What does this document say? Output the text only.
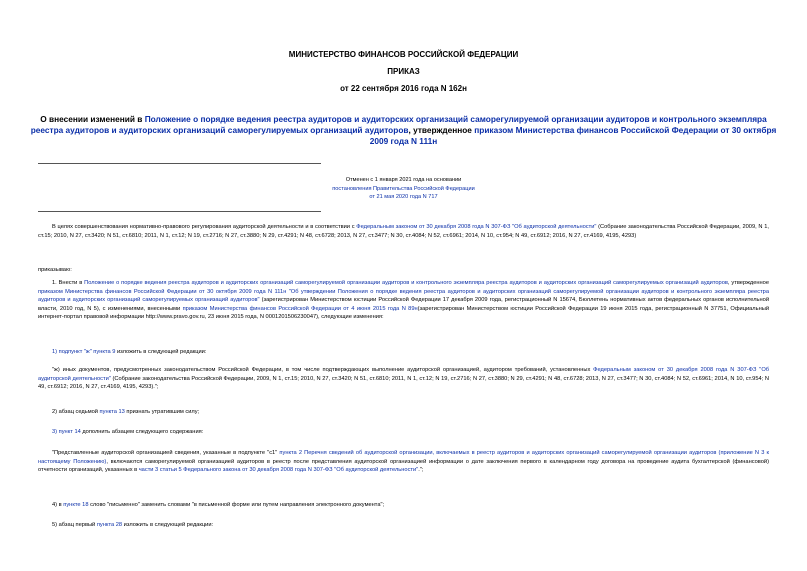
МИНИСТЕРСТВО ФИНАНСОВ РОССИЙСКОЙ ФЕДЕРАЦИИ
ПРИКАЗ
от 22 сентября 2016 года N 162н
О внесении изменений в Положение о порядке ведения реестра аудиторов и аудиторских организаций саморегулируемой организации аудиторов и контрольного экземпляра реестра аудиторов и аудиторских организаций саморегулируемых организаций аудиторов, утвержденное приказом Министерства финансов Российской Федерации от 30 октября 2009 года N 111н
Отменен с 1 января 2021 года на основании
постановления Правительства Российской Федерации
от 21 мая 2020 года N 717
В целях совершенствования нормативно-правового регулирования аудиторской деятельности и в соответствии с Федеральным законом от 30 декабря 2008 года N 307-ФЗ "Об аудиторской деятельности" (Собрание законодательства Российской Федерации, 2009, N 1, ст.15; 2010, N 27, ст.3420; N 51, ст.6810; 2011, N 1, ст.12; N 19, ст.2716; N 27, ст.3880; N 29, ст.4291; N 48, ст.6728; 2013, N 27, ст.3477; N 30, ст.4084; N 52, ст.6961; 2014, N 10, ст.954; N 49, ст.6912; 2016, N 27, ст.4169, 4195, 4293)
приказываю:
1. Внести в Положение о порядке ведения реестра аудиторов и аудиторских организаций саморегулируемой организации аудиторов и контрольного экземпляра реестра аудиторов и аудиторских организаций саморегулируемых организаций аудиторов, утвержденное приказом Министерства финансов Российской Федерации от 30 октября 2009 года N 111н "Об утверждении Положения о порядке ведения реестра аудиторов и аудиторских организаций саморегулируемой организации аудиторов и контрольного экземпляра реестра аудиторов и аудиторских организаций саморегулируемых организаций аудиторов" (зарегистрирован Министерством юстиции Российской Федерации 17 декабря 2009 года, регистрационный N 15674, Бюллетень нормативных актов федеральных органов исполнительной власти, 2010 год, N 5), с изменениями, внесенными приказом Министерства финансов Российской Федерации от 4 июня 2015 года N 89н(зарегистрирован Министерством юстиции Российской Федерации 19 июня 2015 года, регистрационный N 37751, Официальный интернет-портал правовой информации http://www.pravo.gov.ru, 23 июня 2015 года, N 0001201506230047), следующие изменения:
1) подпункт "ж" пункта 9 изложить в следующей редакции:
"ж) иных документов, предусмотренных законодательством Российской Федерации, в том числе подтверждающих выполнение аудиторской организацией, аудитором требований, установленных Федеральным законом от 30 декабря 2008 года N 307-ФЗ "Об аудиторской деятельности" (Собрание законодательства Российской Федерации, 2009, N 1, ст.15; 2010, N 27, ст.3420; N 51, ст.6810; 2011, N 1, ст.12; N 19, ст.2716; N 27, ст.3880; N 29, ст.4291; N 48, ст.6728; 2013, N 27, ст.3477; N 30, ст.4084; N 52, ст.6961; 2014, N 10, ст.954; N 49, ст.6912; 2016, N 27, ст.4169, 4195, 4293).";
2) абзац седьмой пункта 13 признать утратившим силу;
3) пункт 14 дополнить абзацем следующего содержания:
"Представленные аудиторской организацией сведения, указанные в подпункте "с1" пункта 2 Перечня сведений об аудиторской организации, включаемых в реестр аудиторов и аудиторских организаций саморегулируемой организации аудиторов (приложение N 3 к настоящему Положению), включаются саморегулируемой организацией аудиторов в реестр после представления аудиторской организацией информации о дате заключения первого в календарном году договора на проведение аудита бухгалтерской (финансовой) отчетности организаций, указанных в части 3 статьи 5 Федерального закона от 30 декабря 2008 года N 307-ФЗ "Об аудиторской деятельности".";
4) в пункте 18 слово "письменно" заменить словами "в письменной форме или путем направления электронного документа";
5) абзац первый пункта 28 изложить в следующей редакции:
